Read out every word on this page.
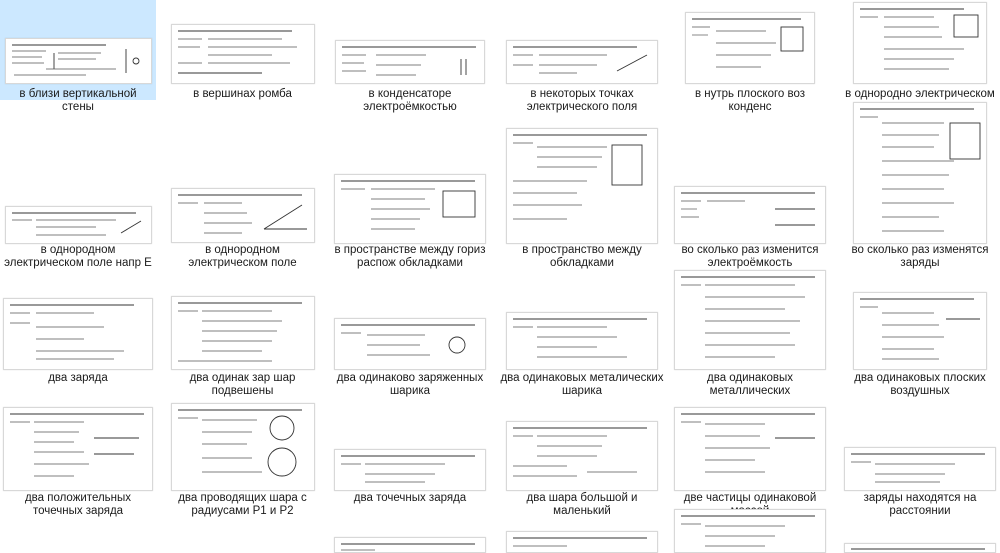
в близи вертикальной стены
в вершинах ромба	в конденсаторе электроёмкостью
в некоторых точках электрического поля
в нутрь плоского воз конденс
в однородно электрическом поле
в однородном электрическом поле напр E
в однородном электрическом поле
в пространстве между гориз распож обкладками
в пространство между обкладками
во сколько раз изменится электроёмкость
во сколько раз изменятся заряды
два заряда	два одинак зар шар подвешены
два одинаково заряженных шарика
два одинаковых металических шарика
два одинаковых металлических
два одинаковых плоских воздушных
два положительных точечных заряда
два проводящих шара с радиусами Р1 и Р2
два точечных заряда	два шара большой и маленький
две частицы одинаковой массой
заряды находятся на расстоянии
